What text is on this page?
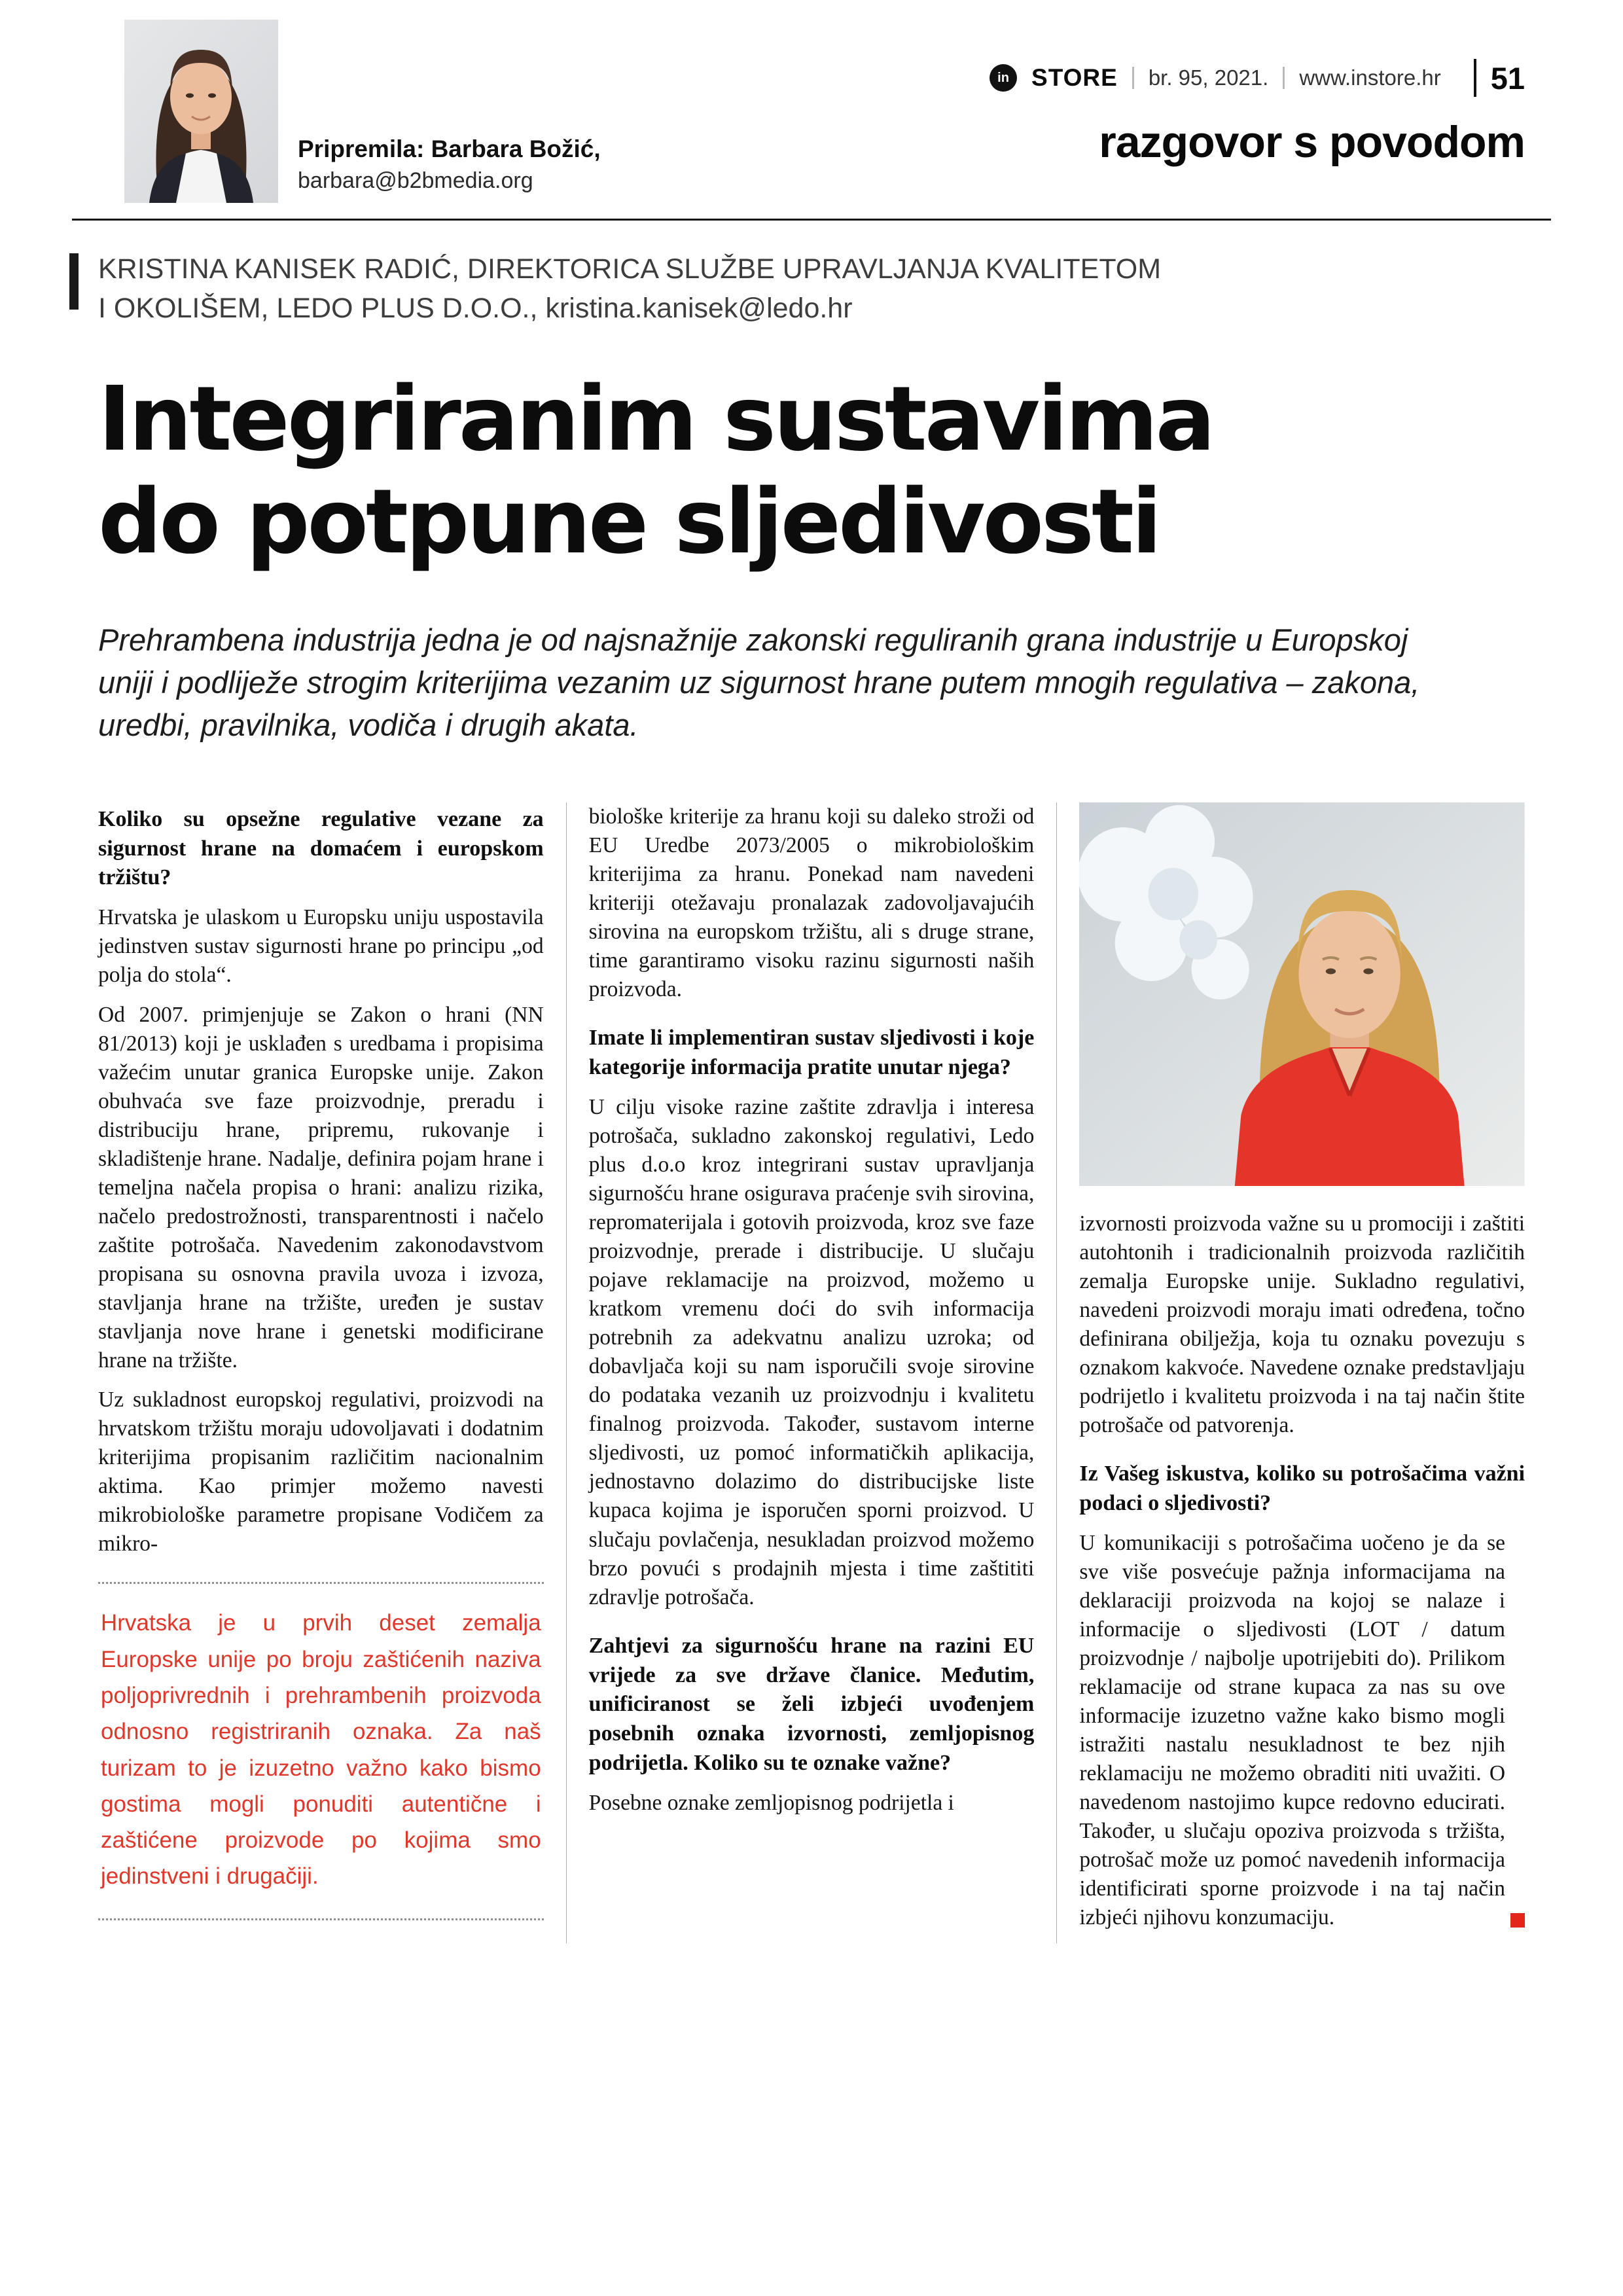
Pripremila: Barbara Božić,
barbara@b2bmedia.org
in STORE br. 95, 2021. www.instore.hr 51
razgovor s povodom
KRISTINA KANISEK RADIĆ, DIREKTORICA SLUŽBE UPRAVLJANJA KVALITETOM
I OKOLIŠEM, LEDO PLUS D.O.O., kristina.kanisek@ledo.hr
Integriranim sustavima
do potpune sljedivosti

Prehrambena industrija jedna je od najsnažnije zakonski reguliranih grana industrije u Europskoj uniji i podliježe strogim kriterijima vezanim uz sigurnost hrane putem mnogih regulativa – zakona, uredbi, pravilnika, vodiča i drugih akata.

Koliko su opsežne regulative vezane za sigurnost hrane na domaćem i europskom tržištu?

Hrvatska je ulaskom u Europsku uniju uspostavila jedinstven sustav sigurnosti hrane po principu „od polja do stola“.

Od 2007. primjenjuje se Zakon o hrani (NN 81/2013) koji je usklađen s uredbama i propisima važećim unutar granica Europske unije. Zakon obuhvaća sve faze proizvodnje, preradu i distribuciju hrane, pripremu, rukovanje i skladištenje hrane. Nadalje, definira pojam hrane i temeljna načela propisa o hrani: analizu rizika, načelo predostrožnosti, transparentnosti i načelo zaštite potrošača. Navedenim zakonodavstvom propisana su osnovna pravila uvoza i izvoza, stavljanja hrane na tržište, uređen je sustav stavljanja nove hrane i genetski modificirane hrane na tržište.

Uz sukladnost europskoj regulativi, proizvodi na hrvatskom tržištu moraju udovoljavati i dodatnim kriterijima propisanim različitim nacionalnim aktima. Kao primjer možemo navesti mikrobiološke parametre propisane Vodičem za mikro-

Hrvatska je u prvih deset zemalja Europske unije po broju zaštićenih naziva poljoprivrednih i prehrambenih proizvoda odnosno registriranih oznaka. Za naš turizam to je izuzetno važno kako bismo gostima mogli ponuditi autentične i zaštićene proizvode po kojima smo jedinstveni i drugačiji.

biološke kriterije za hranu koji su daleko stroži od EU Uredbe 2073/2005 o mikrobiološkim kriterijima za hranu. Ponekad nam navedeni kriteriji otežavaju pronalazak zadovoljavajućih sirovina na europskom tržištu, ali s druge strane, time garantiramo visoku razinu sigurnosti naših proizvoda.

Imate li implementiran sustav sljedivosti i koje kategorije informacija pratite unutar njega?

U cilju visoke razine zaštite zdravlja i interesa potrošača, sukladno zakonskoj regulativi, Ledo plus d.o.o kroz integrirani sustav upravljanja sigurnošću hrane osigurava praćenje svih sirovina, repromaterijala i gotovih proizvoda, kroz sve faze proizvodnje, prerade i distribucije. U slučaju pojave reklamacije na proizvod, možemo u kratkom vremenu doći do svih informacija potrebnih za adekvatnu analizu uzroka; od dobavljača koji su nam isporučili svoje sirovine do podataka vezanih uz proizvodnju i kvalitetu finalnog proizvoda. Također, sustavom interne sljedivosti, uz pomoć informatičkih aplikacija, jednostavno dolazimo do distribucijske liste kupaca kojima je isporučen sporni proizvod. U slučaju povlačenja, nesukladan proizvod možemo brzo povući s prodajnih mjesta i time zaštititi zdravlje potrošača.

Zahtjevi za sigurnošću hrane na razini EU vrijede za sve države članice. Međutim, unificiranost se želi izbjeći uvođenjem posebnih oznaka izvornosti, zemljopisnog podrijetla. Koliko su te oznake važne?

Posebne oznake zemljopisnog podrijetla i

izvornosti proizvoda važne su u promociji i zaštiti autohtonih i tradicionalnih proizvoda različitih zemalja Europske unije. Sukladno regulativi, navedeni proizvodi moraju imati određena, točno definirana obilježja, koja tu oznaku povezuju s oznakom kakvoće. Navedene oznake predstavljaju podrijetlo i kvalitetu proizvoda i na taj način štite potrošače od patvorenja.

Iz Vašeg iskustva, koliko su potrošačima važni podaci o sljedivosti?

U komunikaciji s potrošačima uočeno je da se sve više posvećuje pažnja informacijama na deklaraciji proizvoda na kojoj se nalaze i informacije o sljedivosti (LOT / datum proizvodnje / najbolje upotrijebiti do). Prilikom reklamacije od strane kupaca za nas su ove informacije izuzetno važne kako bismo mogli istražiti nastalu nesukladnost te bez njih reklamaciju ne možemo obraditi niti uvažiti. O navedenom nastojimo kupce redovno educirati. Također, u slučaju opoziva proizvoda s tržišta, potrošač može uz pomoć navedenih informacija identificirati sporne proizvode i na taj način izbjeći njihovu konzumaciju.
